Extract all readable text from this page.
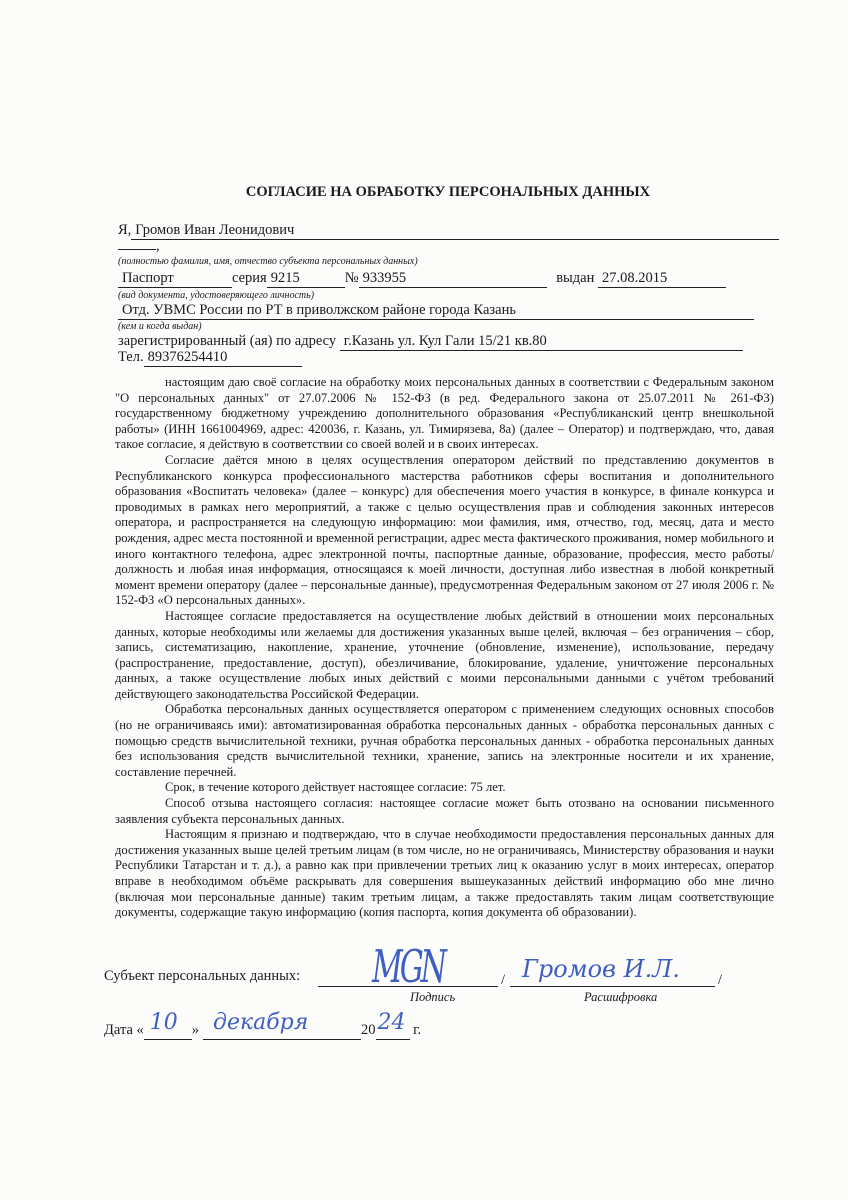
СОГЛАСИЕ НА ОБРАБОТКУ ПЕРСОНАЛЬНЫХ ДАННЫХ
Я, Громов Иван Леонидович
,
(полностью фамилия, имя, отчество субъекта персональных данных)
Паспорт	серия 9215	№ 933955	выдан 27.08.2015
(вид документа, удостоверяющего личность)
Отд. УВМС России по РТ в приволжском районе города Казань
(кем и когда выдан)
зарегистрированный (ая) по адресу г.Казань ул. Кул Гали 15/21 кв.80
Тел. 89376254410

настоящим даю своё согласие на обработку моих персональных данных в соответствии с Федеральным законом "О персональных данных" от 27.07.2006 № 152-ФЗ (в ред. Федерального закона от 25.07.2011 № 261-ФЗ) государственному бюджетному учреждению дополнительного образования «Республиканский центр внешкольной работы» (ИНН 1661004969, адрес: 420036, г. Казань, ул. Тимирязева, 8а) (далее – Оператор) и подтверждаю, что, давая такое согласие, я действую в соответствии со своей волей и в своих интересах.

Согласие даётся мною в целях осуществления оператором действий по представлению документов в Республиканского конкурса профессионального мастерства работников сферы воспитания и дополнительного образования «Воспитать человека» (далее – конкурс) для обеспечения моего участия в конкурсе, в финале конкурса и проводимых в рамках него мероприятий, а также с целью осуществления прав и соблюдения законных интересов оператора, и распространяется на следующую информацию: мои фамилия, имя, отчество, год, месяц, дата и место рождения, адрес места постоянной и временной регистрации, адрес места фактического проживания, номер мобильного и иного контактного телефона, адрес электронной почты, паспортные данные, образование, профессия, место работы/должность и любая иная информация, относящаяся к моей личности, доступная либо известная в любой конкретный момент времени оператору (далее – персональные данные), предусмотренная Федеральным законом от 27 июля 2006 г. № 152-ФЗ «О персональных данных».

Настоящее согласие предоставляется на осуществление любых действий в отношении моих персональных данных, которые необходимы или желаемы для достижения указанных выше целей, включая – без ограничения – сбор, запись, систематизацию, накопление, хранение, уточнение (обновление, изменение), использование, передачу (распространение, предоставление, доступ), обезличивание, блокирование, удаление, уничтожение персональных данных, а также осуществление любых иных действий с моими персональными данными с учётом требований действующего законодательства Российской Федерации.

Обработка персональных данных осуществляется оператором с применением следующих основных способов (но не ограничиваясь ими): автоматизированная обработка персональных данных - обработка персональных данных с помощью средств вычислительной техники, ручная обработка персональных данных - обработка персональных данных без использования средств вычислительной техники, хранение, запись на электронные носители и их хранение, составление перечней.

Срок, в течение которого действует настоящее согласие: 75 лет.

Способ отзыва настоящего согласия: настоящее согласие может быть отозвано на основании письменного заявления субъекта персональных данных.

Настоящим я признаю и подтверждаю, что в случае необходимости предоставления персональных данных для достижения указанных выше целей третьим лицам (в том числе, но не ограничиваясь, Министерству образования и науки Республики Татарстан и т. д.), а равно как при привлечении третьих лиц к оказанию услуг в моих интересах, оператор вправе в необходимом объёме раскрывать для совершения вышеуказанных действий информацию обо мне лично (включая мои персональные данные) таким третьим лицам, а также предоставлять таким лицам соответствующие документы, содержащие такую информацию (копия паспорта, копия документа об образовании).

Субъект персональных данных: MGN	/ Громов И.Л.	/
Подпись	Расшифровка
Дата « 10 » декабря	20 24 г.
